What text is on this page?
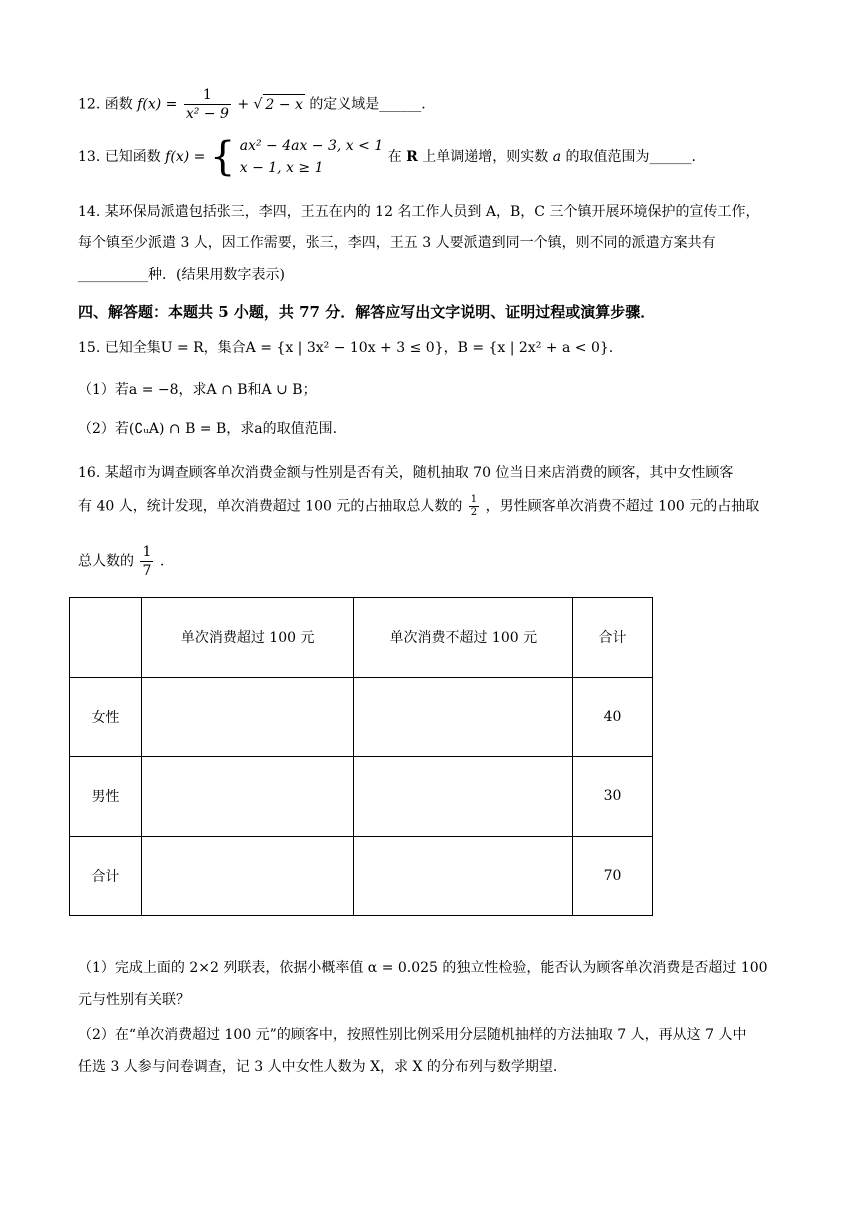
12. 函数 $f(x) = \frac{1}{\text{x² − 9}}$ + √ 2 − x 的定义域是______.
13. 已知函数 f(x) = { ax² − 4ax − 3, x < 1
x − 1, x ≥ 1
在 R 上单调递增，则实数 a 的取值范围为______.
14. 某环保局派遣包括张三，李四，王五在内的 12 名工作人员到 A，B，C 三个镇开展环境保护的宣传工作，
每个镇至少派遣 3 人，因工作需要，张三，李四，王五 3 人要派遣到同一个镇，则不同的派遣方案共有
__________种．(结果用数字表示)
四、解答题：本题共 5 小题，共 77 分．解答应写出文字说明、证明过程或演算步骤．
15. 已知全集U = R，集合A = {x | 3x² − 10x + 3 ≤ 0}，B = {x | 2x² + a < 0}.
（1）若a = −8，求A ∩ B和A ∪ B；
（2）若(∁ᵤA) ∩ B = B，求a的取值范围.
16. 某超市为调查顾客单次消费金额与性别是否有关，随机抽取 70 位当日来店消费的顾客，其中女性顾客
有 40 人，统计发现，单次消费超过 100 元的占抽取总人数的 $\frac{1}{2}$ ，男性顾客单次消费不超过 100 元的占抽取
总人数的 $\frac{1}{7}$ .
	单次消费超过 100 元	单次消费不超过 100 元	合计
女性			40
男性			30
合计			70
（1）完成上面的 2×2 列联表，依据小概率值 α = 0.025 的独立性检验，能否认为顾客单次消费是否超过 100
元与性别有关联？
（2）在“单次消费超过 100 元”的顾客中，按照性别比例采用分层随机抽样的方法抽取 7 人，再从这 7 人中
任选 3 人参与问卷调查，记 3 人中女性人数为 X，求 X 的分布列与数学期望.
